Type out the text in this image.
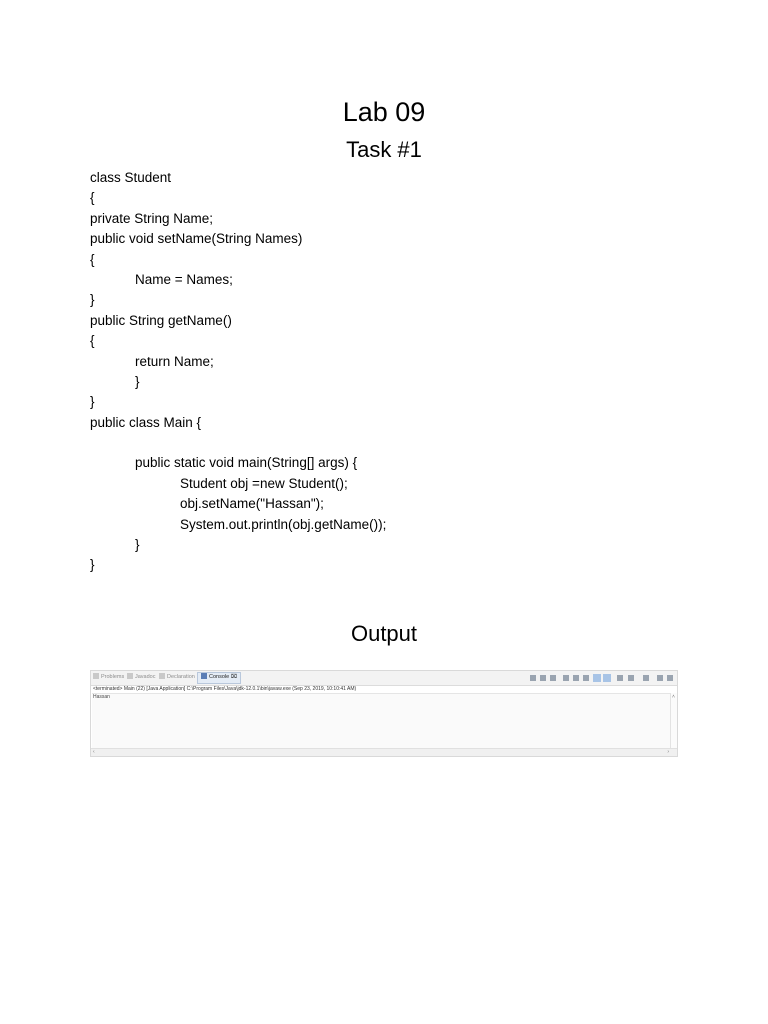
Lab 09
Task #1
class Student
{
private String Name;
public void setName(String Names)
{
Name = Names;
}
public String getName()
{
return Name;
}
}
public class Main {
public static void main(String[] args) {
Student obj =new Student();
obj.setName("Hassan");
System.out.println(obj.getName());
}
}
Output
Problems	Javadoc	Declaration	Console ⌧
<terminated> Main (22) [Java Application] C:\Program Files\Java\jdk-12.0.1\bin\javaw.exe (Sep 23, 2019, 10:10:41 AM)
Hassan	˄
‹	›
